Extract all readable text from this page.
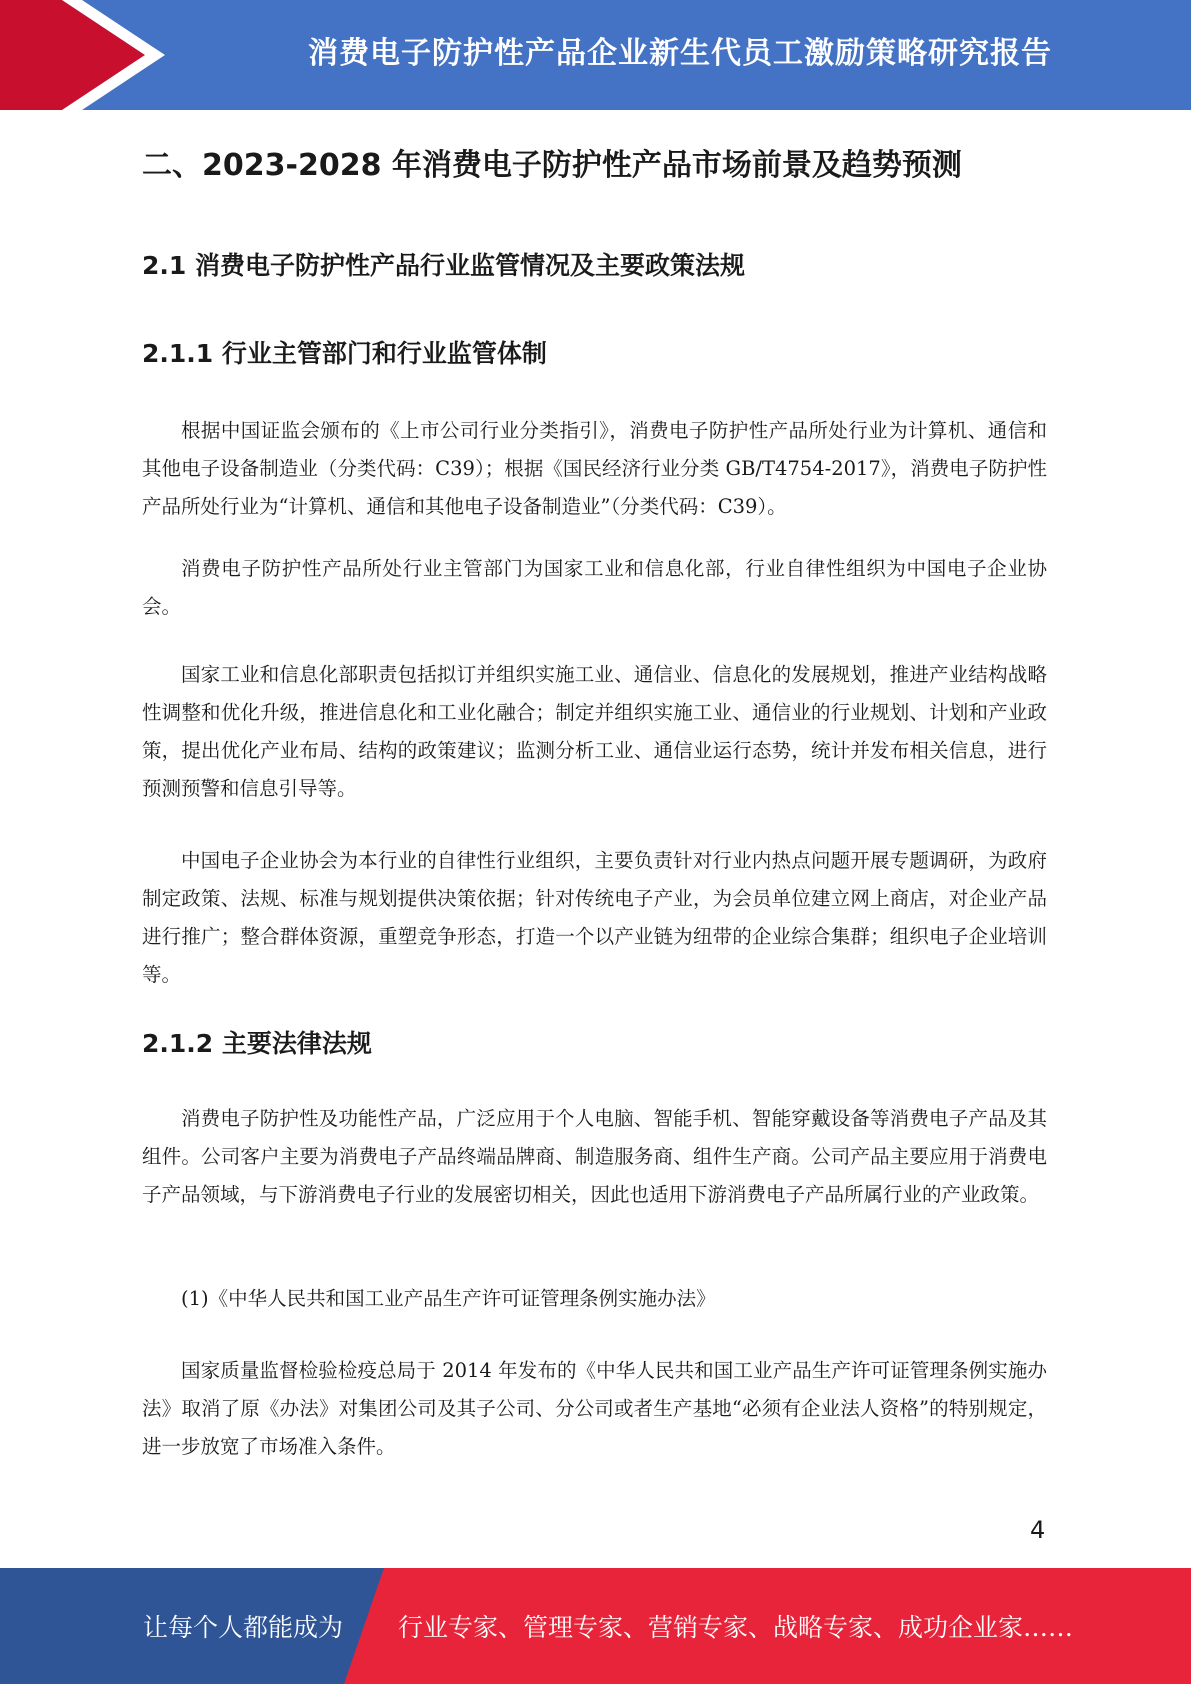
消费电子防护性产品企业新生代员工激励策略研究报告
二、2023-2028 年消费电子防护性产品市场前景及趋势预测
2.1 消费电子防护性产品行业监管情况及主要政策法规
2.1.1 行业主管部门和行业监管体制

根据中国证监会颁布的《上市公司行业分类指引》，消费电子防护性产品所处行业为计算机、通信和其他电子设备制造业（分类代码：C39）；根据《国民经济行业分类 GB/T4754-2017》，消费电子防护性产品所处行业为“计算机、通信和其他电子设备制造业”（分类代码：C39）。

消费电子防护性产品所处行业主管部门为国家工业和信息化部，行业自律性组织为中国电子企业协会。

国家工业和信息化部职责包括拟订并组织实施工业、通信业、信息化的发展规划，推进产业结构战略性调整和优化升级，推进信息化和工业化融合；制定并组织实施工业、通信业的行业规划、计划和产业政策，提出优化产业布局、结构的政策建议；监测分析工业、通信业运行态势，统计并发布相关信息，进行预测预警和信息引导等。

中国电子企业协会为本行业的自律性行业组织，主要负责针对行业内热点问题开展专题调研，为政府制定政策、法规、标准与规划提供决策依据；针对传统电子产业，为会员单位建立网上商店，对企业产品进行推广；整合群体资源，重塑竞争形态，打造一个以产业链为纽带的企业综合集群；组织电子企业培训等。

2.1.2 主要法律法规

消费电子防护性及功能性产品，广泛应用于个人电脑、智能手机、智能穿戴设备等消费电子产品及其组件。公司客户主要为消费电子产品终端品牌商、制造服务商、组件生产商。公司产品主要应用于消费电子产品领域，与下游消费电子行业的发展密切相关，因此也适用下游消费电子产品所属行业的产业政策。

(1)《中华人民共和国工业产品生产许可证管理条例实施办法》

国家质量监督检验检疫总局于 2014 年发布的《中华人民共和国工业产品生产许可证管理条例实施办法》取消了原《办法》对集团公司及其子公司、分公司或者生产基地“必须有企业法人资格”的特别规定，进一步放宽了市场准入条件。

4
让每个人都能成为 行业专家、管理专家、营销专家、战略专家、成功企业家……
